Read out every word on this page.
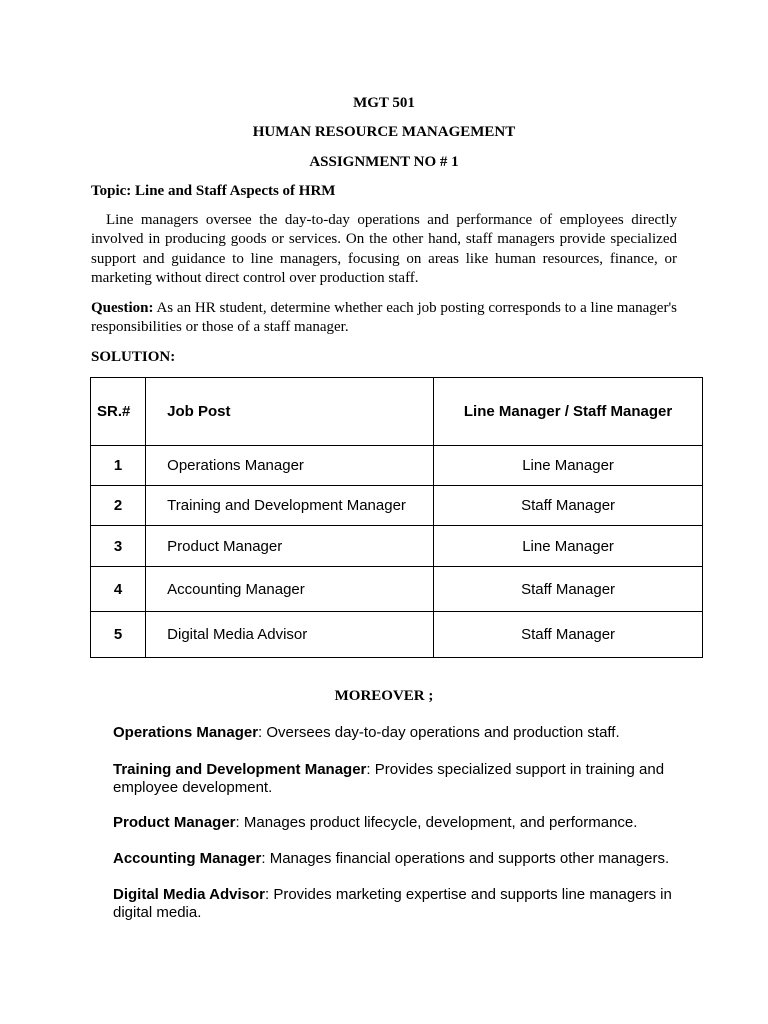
MGT 501
HUMAN RESOURCE MANAGEMENT
ASSIGNMENT NO # 1
Topic: Line and Staff Aspects of HRM
Line managers oversee the day-to-day operations and performance of employees directly involved in producing goods or services. On the other hand, staff managers provide specialized support and guidance to line managers, focusing on areas like human resources, finance, or marketing without direct control over production staff.
Question: As an HR student, determine whether each job posting corresponds to a line manager's responsibilities or those of a staff manager.
SOLUTION:
SR.#	Job Post	Line Manager / Staff Manager
1	Operations Manager	Line Manager
2	Training and Development Manager	Staff Manager
3	Product Manager	Line Manager
4	Accounting Manager	Staff Manager
5	Digital Media Advisor	Staff Manager
MOREOVER ;
Operations Manager: Oversees day-to-day operations and production staff.
Training and Development Manager: Provides specialized support in training and employee development.
Product Manager: Manages product lifecycle, development, and performance.
Accounting Manager: Manages financial operations and supports other managers.
Digital Media Advisor: Provides marketing expertise and supports line managers in digital media.
